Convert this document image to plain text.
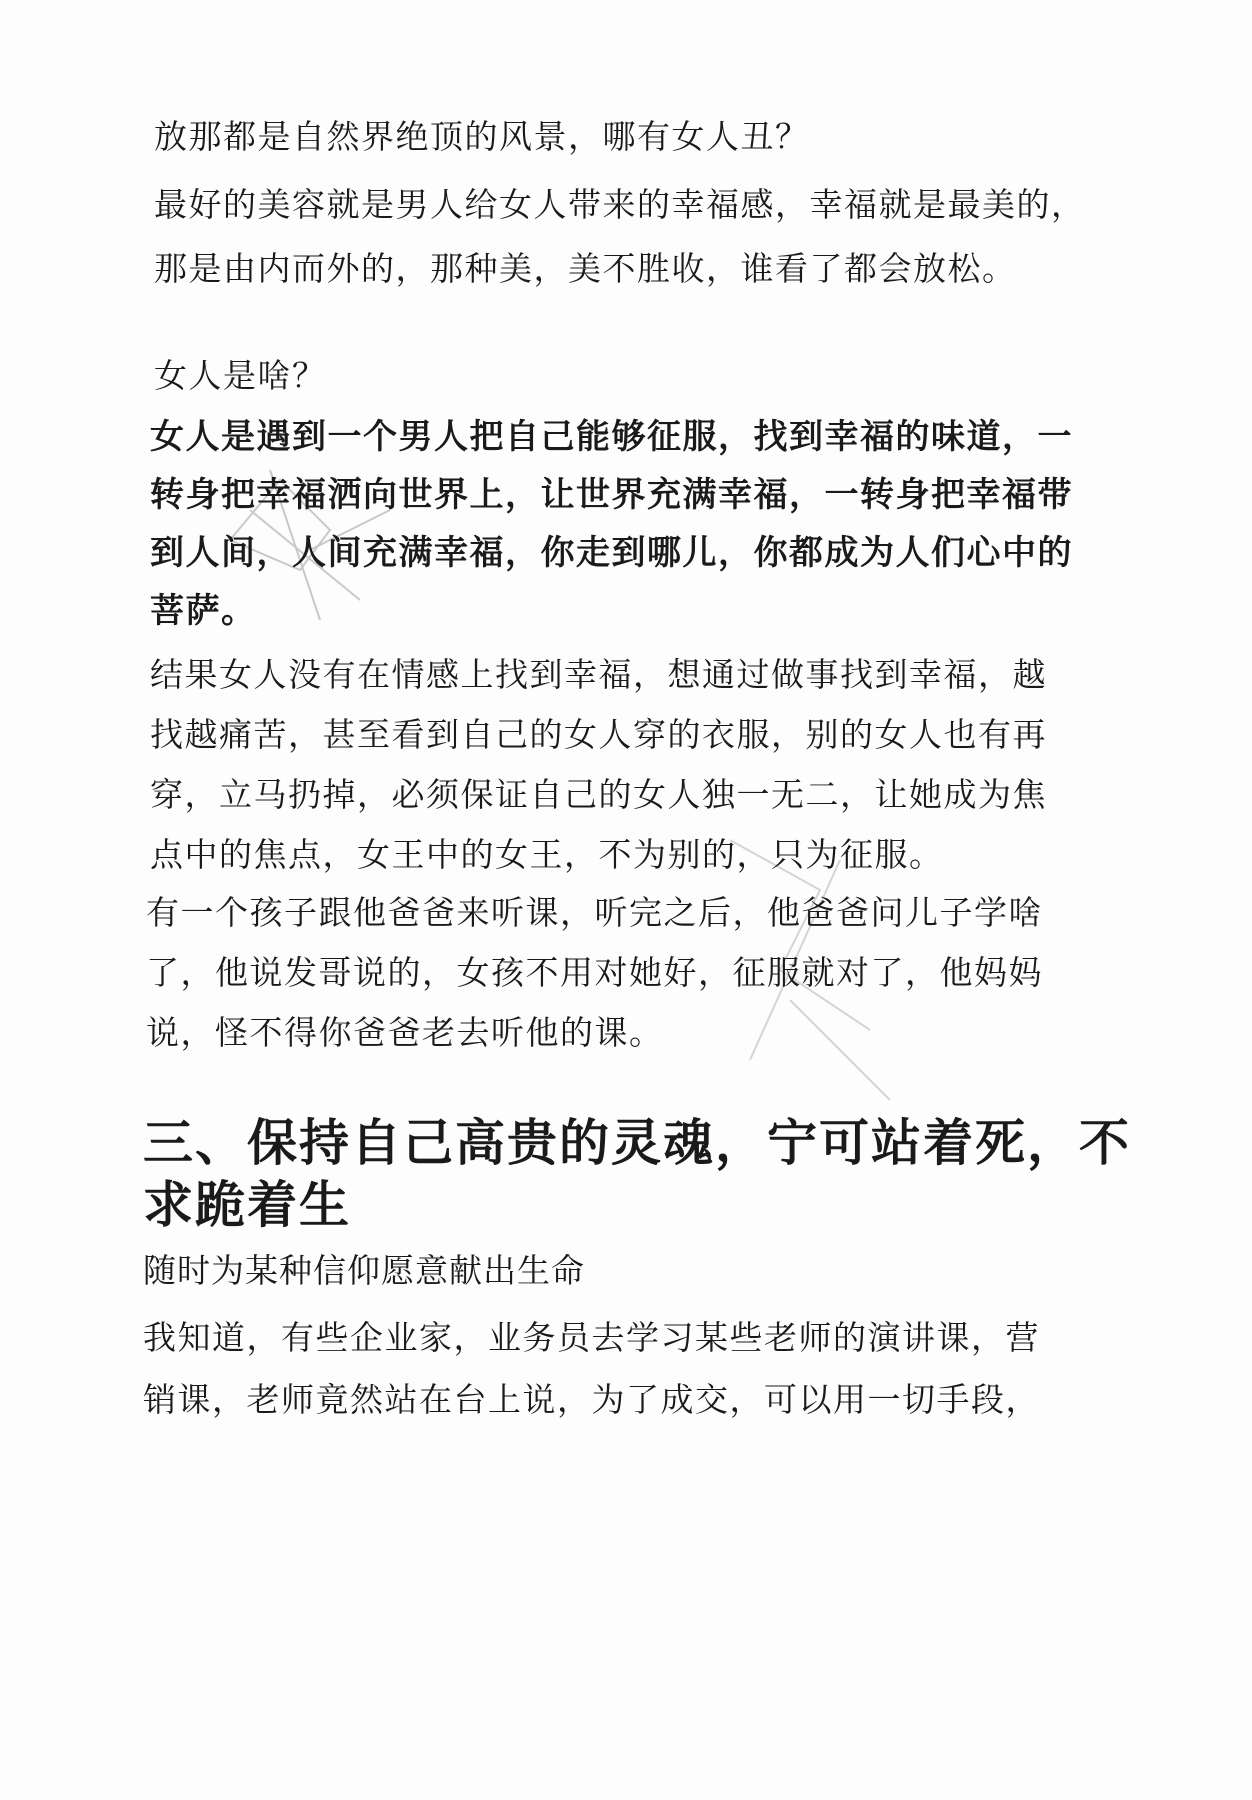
放那都是自然界绝顶的风景，哪有女人丑？

最好的美容就是男人给女人带来的幸福感，幸福就是最美的，
那是由内而外的，那种美，美不胜收，谁看了都会放松。

女人是啥？

女人是遇到一个男人把自己能够征服，找到幸福的味道，一
转身把幸福洒向世界上，让世界充满幸福，一转身把幸福带
到人间，人间充满幸福，你走到哪儿，你都成为人们心中的
菩萨。

结果女人没有在情感上找到幸福，想通过做事找到幸福，越
找越痛苦，甚至看到自己的女人穿的衣服，别的女人也有再
穿，立马扔掉，必须保证自己的女人独一无二，让她成为焦
点中的焦点，女王中的女王，不为别的，只为征服。

有一个孩子跟他爸爸来听课，听完之后，他爸爸问儿子学啥
了，他说发哥说的，女孩不用对她好，征服就对了，他妈妈
说，怪不得你爸爸老去听他的课。

三、保持自己高贵的灵魂，宁可站着死，不
求跪着生

随时为某种信仰愿意献出生命

我知道，有些企业家，业务员去学习某些老师的演讲课，营
销课，老师竟然站在台上说，为了成交，可以用一切手段，
